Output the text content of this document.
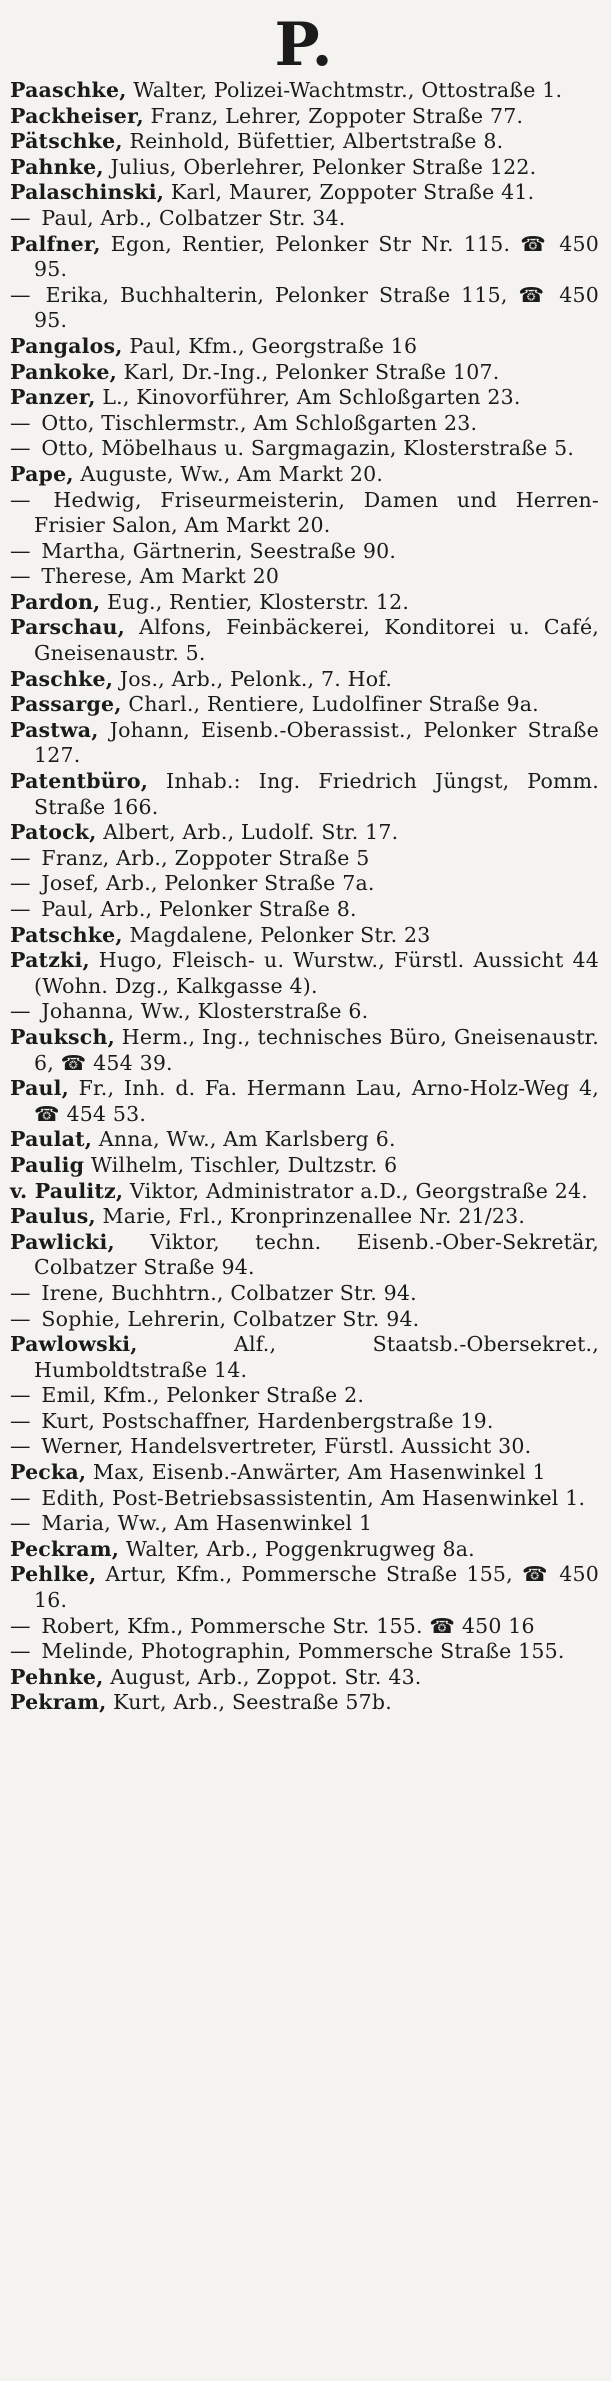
P.
Paaschke, Walter, Polizei-Wachtmstr., Ottostraße 1.
Packheiser, Franz, Lehrer, Zoppoter Straße 77.
Pätschke, Reinhold, Büfettier, Albertstraße 8.
Pahnke, Julius, Oberlehrer, Pelonker Straße 122.
Palaschinski, Karl, Maurer, Zoppoter Straße 41.
— Paul, Arb., Colbatzer Str. 34.
Palfner, Egon, Rentier, Pelonker Str Nr. 115. ☎ 450 95.
— Erika, Buchhalterin, Pelonker Straße 115, ☎ 450 95.
Pangalos, Paul, Kfm., Georgstraße 16
Pankoke, Karl, Dr.-Ing., Pelonker Straße 107.
Panzer, L., Kinovorführer, Am Schloßgarten 23.
— Otto, Tischlermstr., Am Schloßgarten 23.
— Otto, Möbelhaus u. Sargmagazin, Klosterstraße 5.
Pape, Auguste, Ww., Am Markt 20.
— Hedwig, Friseurmeisterin, Damen und Herren-Frisier Salon, Am Markt 20.
— Martha, Gärtnerin, Seestraße 90.
— Therese, Am Markt 20
Pardon, Eug., Rentier, Klosterstr. 12.
Parschau, Alfons, Feinbäckerei, Konditorei u. Café, Gneisenaustr. 5.
Paschke, Jos., Arb., Pelonk., 7. Hof.
Passarge, Charl., Rentiere, Ludolfiner Straße 9a.
Pastwa, Johann, Eisenb.-Oberassist., Pelonker Straße 127.
Patentbüro, Inhab.: Ing. Friedrich Jüngst, Pomm. Straße 166.
Patock, Albert, Arb., Ludolf. Str. 17.
— Franz, Arb., Zoppoter Straße 5
— Josef, Arb., Pelonker Straße 7a.
— Paul, Arb., Pelonker Straße 8.
Patschke, Magdalene, Pelonker Str. 23
Patzki, Hugo, Fleisch- u. Wurstw., Fürstl. Aussicht 44 (Wohn. Dzg., Kalkgasse 4).
— Johanna, Ww., Klosterstraße 6.
Pauksch, Herm., Ing., technisches Büro, Gneisenaustr. 6, ☎ 454 39.
Paul, Fr., Inh. d. Fa. Hermann Lau, Arno-Holz-Weg 4, ☎ 454 53.
Paulat, Anna, Ww., Am Karlsberg 6.
Paulig Wilhelm, Tischler, Dultzstr. 6
v. Paulitz, Viktor, Administrator a.D., Georgstraße 24.
Paulus, Marie, Frl., Kronprinzenallee Nr. 21/23.
Pawlicki, Viktor, techn. Eisenb.-Ober-Sekretär, Colbatzer Straße 94.
— Irene, Buchhtrn., Colbatzer Str. 94.
— Sophie, Lehrerin, Colbatzer Str. 94.
Pawlowski,	Alf., Staatsb.-Obersekret., Humboldtstraße 14.
— Emil, Kfm., Pelonker Straße 2.
— Kurt, Postschaffner, Hardenbergstraße 19.
— Werner, Handelsvertreter, Fürstl. Aussicht 30.
Pecka, Max, Eisenb.-Anwärter, Am Hasenwinkel 1
— Edith, Post-Betriebsassistentin, Am Hasenwinkel 1.
— Maria, Ww., Am Hasenwinkel 1
Peckram, Walter, Arb., Poggenkrugweg 8a.
Pehlke, Artur, Kfm., Pommersche Straße 155, ☎ 450 16.
— Robert, Kfm., Pommersche Str. 155. ☎ 450 16
— Melinde, Photographin, Pommersche Straße 155.
Pehnke, August, Arb., Zoppot. Str. 43.
Pekram, Kurt, Arb., Seestraße 57b.
